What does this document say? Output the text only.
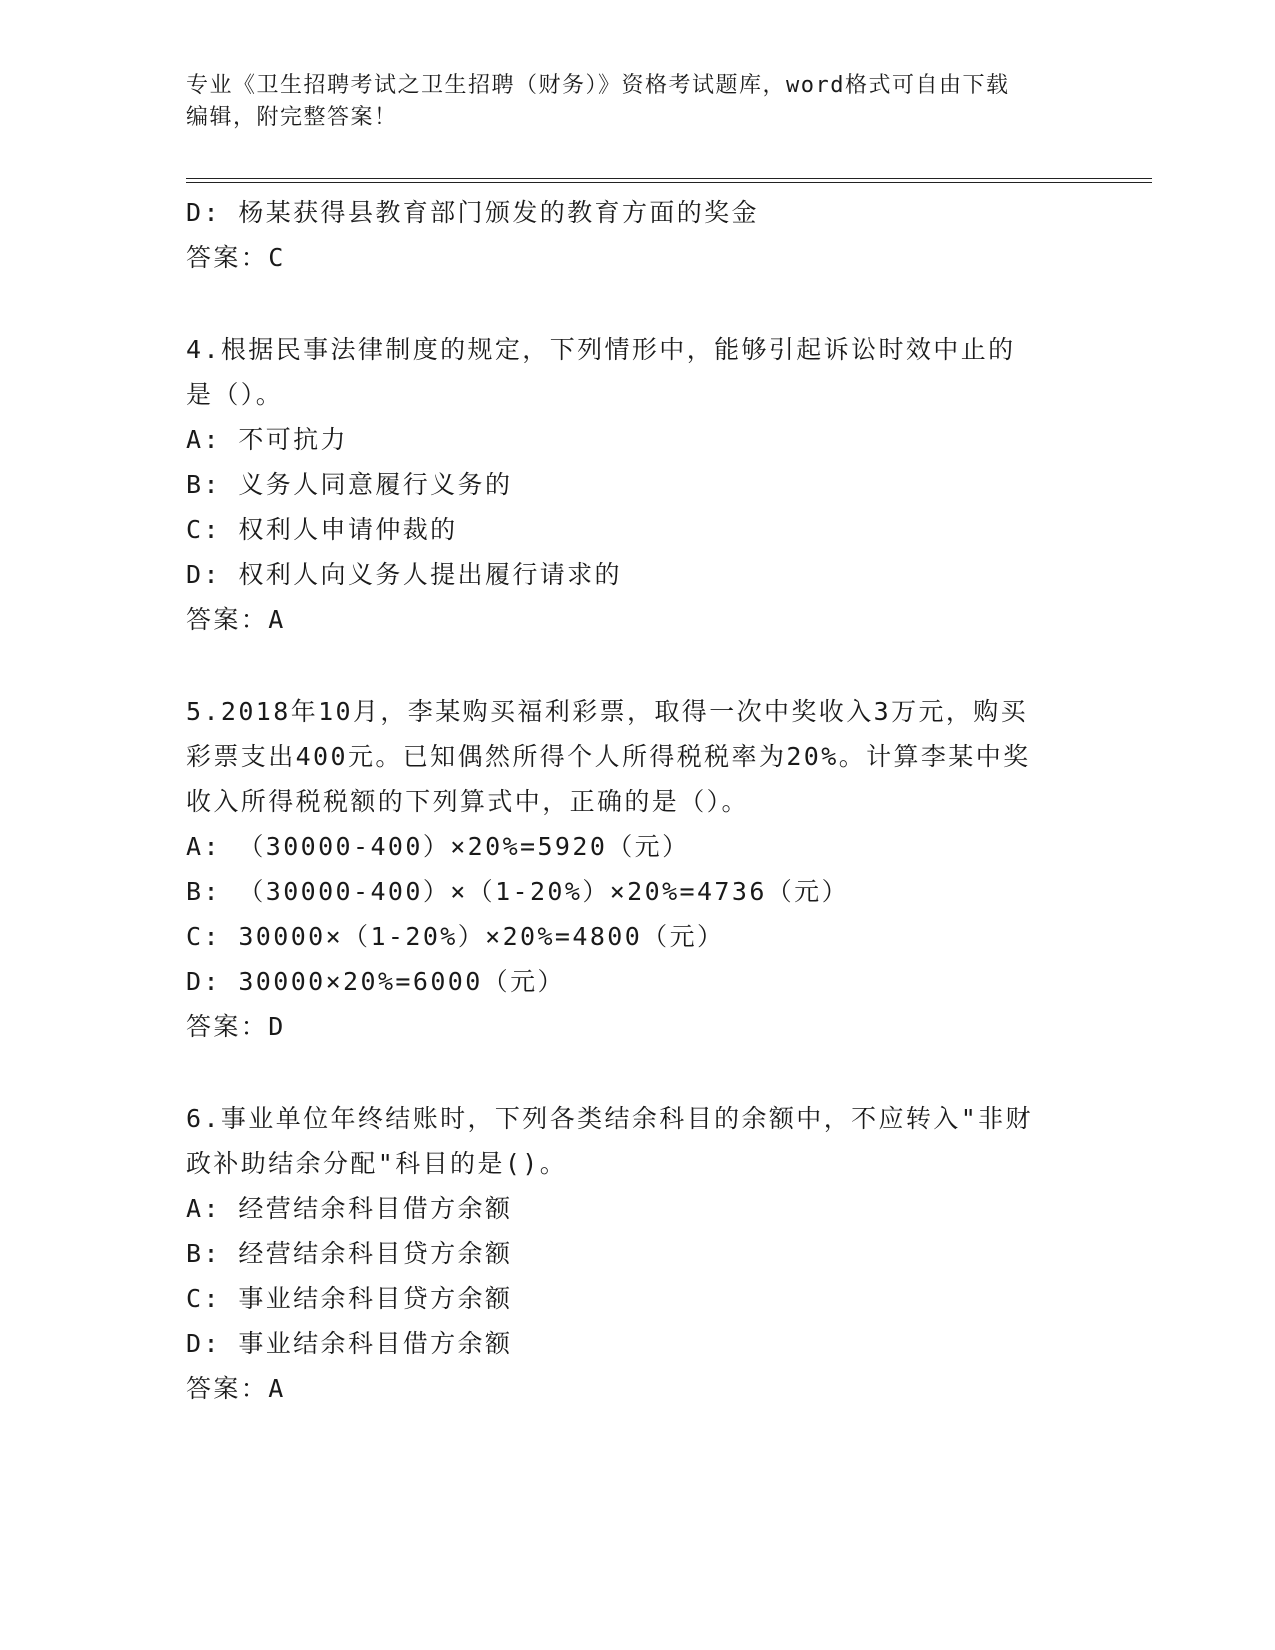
专业《卫生招聘考试之卫生招聘（财务）》资格考试题库，word格式可自由下载
编辑，附完整答案！
D: 杨某获得县教育部门颁发的教育方面的奖金
答案：C
4.根据民事法律制度的规定，下列情形中，能够引起诉讼时效中止的
是（）。
A: 不可抗力
B: 义务人同意履行义务的
C: 权利人申请仲裁的
D: 权利人向义务人提出履行请求的
答案：A
5.2018年10月，李某购买福利彩票，取得一次中奖收入3万元，购买
彩票支出400元。已知偶然所得个人所得税税率为20%。计算李某中奖
收入所得税税额的下列算式中，正确的是（）。
A: （30000-400）×20%=5920（元）
B: （30000-400）×（1-20%）×20%=4736（元）
C: 30000×（1-20%）×20%=4800（元）
D: 30000×20%=6000（元）
答案：D
6.事业单位年终结账时，下列各类结余科目的余额中，不应转入"非财
政补助结余分配"科目的是()。
A: 经营结余科目借方余额
B: 经营结余科目贷方余额
C: 事业结余科目贷方余额
D: 事业结余科目借方余额
答案：A
